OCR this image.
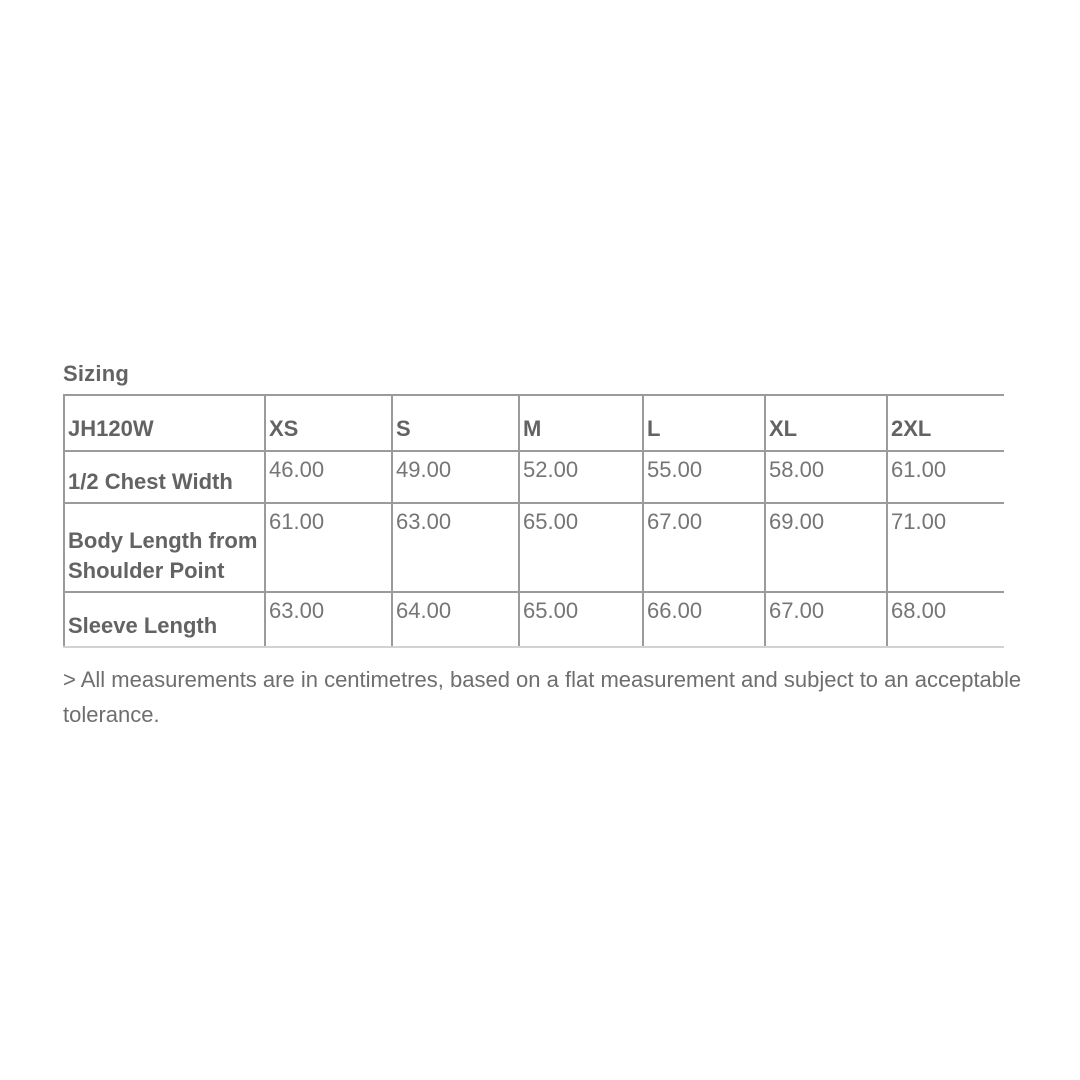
Sizing
JH120W	XS	S	M	L	XL	2XL
1/2 Chest Width	46.00	49.00	52.00	55.00	58.00	61.00
Body Length from Shoulder Point	61.00	63.00	65.00	67.00	69.00	71.00
Sleeve Length	63.00	64.00	65.00	66.00	67.00	68.00

> All measurements are in centimetres, based on a flat measurement and subject to an acceptable tolerance.
